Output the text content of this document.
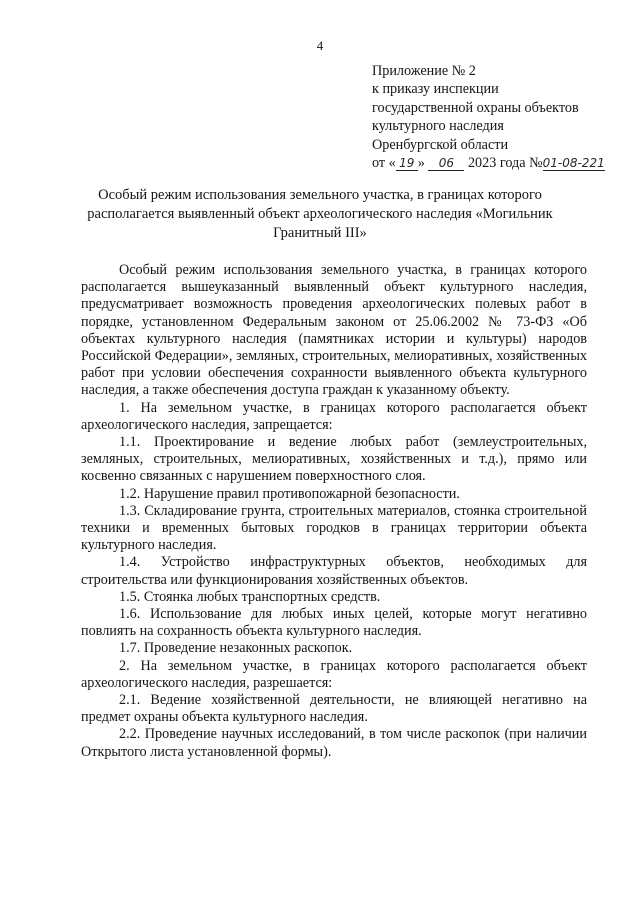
4
Приложение № 2
к приказу инспекции
государственной охраны объектов
культурного наследия
Оренбургской области
от « 19 » 06 2023 года №01-08-221
Особый режим использования земельного участка, в границах которого располагается выявленный объект археологического наследия «Могильник Гранитный III»

Особый режим использования земельного участка, в границах которого располагается вышеуказанный выявленный объект культурного наследия, предусматривает возможность проведения археологических полевых работ в порядке, установленном Федеральным законом от 25.06.2002 № 73-ФЗ «Об объектах культурного наследия (памятниках истории и культуры) народов Российской Федерации», земляных, строительных, мелиоративных, хозяйственных работ при условии обеспечения сохранности выявленного объекта культурного наследия, а также обеспечения доступа граждан к указанному объекту.

1. На земельном участке, в границах которого располагается объект археологического наследия, запрещается:

1.1. Проектирование и ведение любых работ (землеустроительных, земляных, строительных, мелиоративных, хозяйственных и т.д.), прямо или косвенно связанных с нарушением поверхностного слоя.

1.2. Нарушение правил противопожарной безопасности.

1.3. Складирование грунта, строительных материалов, стоянка строительной техники и временных бытовых городков в границах территории объекта культурного наследия.

1.4. Устройство инфраструктурных объектов, необходимых для строительства или функционирования хозяйственных объектов.

1.5. Стоянка любых транспортных средств.

1.6. Использование для любых иных целей, которые могут негативно повлиять на сохранность объекта культурного наследия.

1.7. Проведение незаконных раскопок.

2. На земельном участке, в границах которого располагается объект археологического наследия, разрешается:

2.1. Ведение хозяйственной деятельности, не влияющей негативно на предмет охраны объекта культурного наследия.

2.2. Проведение научных исследований, в том числе раскопок (при наличии Открытого листа установленной формы).
